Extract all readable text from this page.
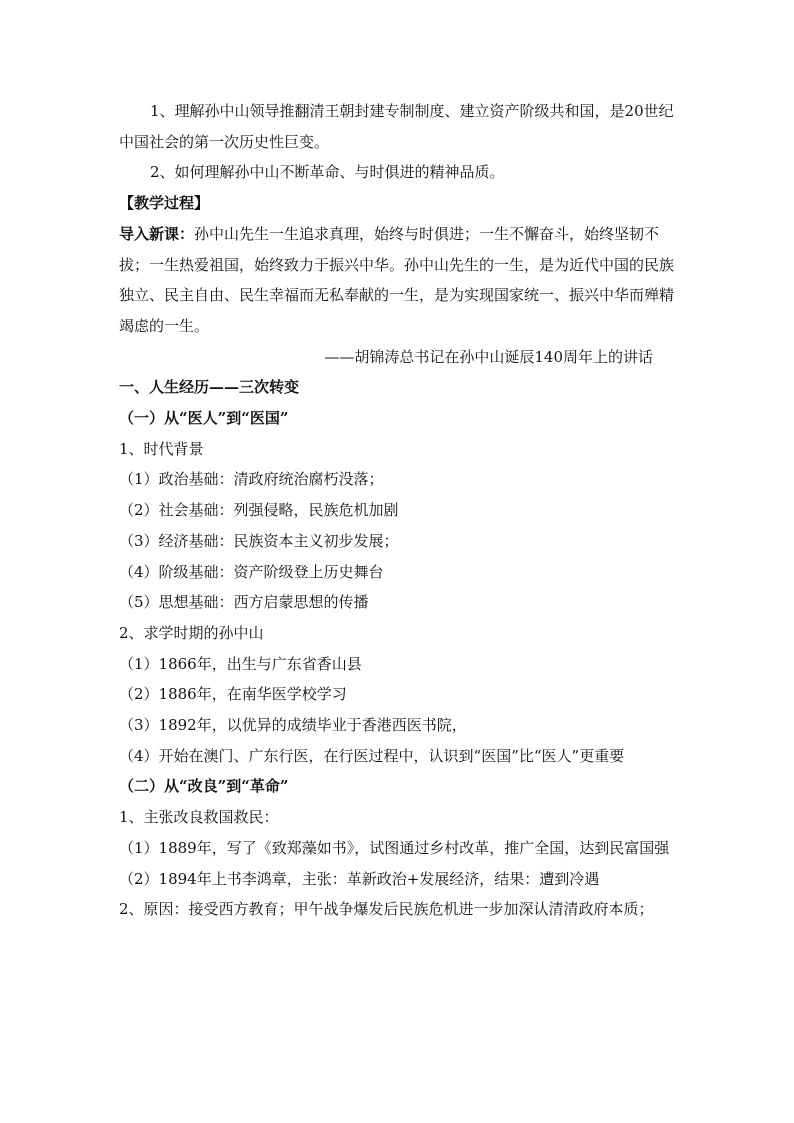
1、理解孙中山领导推翻清王朝封建专制制度、建立资产阶级共和国，是20世纪中国社会的第一次历史性巨变。

2、如何理解孙中山不断革命、与时俱进的精神品质。

【教学过程】

导入新课：孙中山先生一生追求真理，始终与时俱进；一生不懈奋斗，始终坚韧不拔；一生热爱祖国，始终致力于振兴中华。孙中山先生的一生，是为近代中国的民族独立、民主自由、民生幸福而无私奉献的一生，是为实现国家统一、振兴中华而殚精竭虑的一生。

——胡锦涛总书记在孙中山诞辰140周年上的讲话

一、人生经历——三次转变

（一）从“医人”到“医国”

1、时代背景

（1）政治基础：清政府统治腐朽没落；

（2）社会基础：列强侵略，民族危机加剧

（3）经济基础：民族资本主义初步发展；

（4）阶级基础：资产阶级登上历史舞台

（5）思想基础：西方启蒙思想的传播

2、求学时期的孙中山

（1）1866年，出生与广东省香山县

（2）1886年，在南华医学校学习

（3）1892年，以优异的成绩毕业于香港西医书院，

（4）开始在澳门、广东行医，在行医过程中，认识到“医国”比“医人”更重要

（二）从“改良”到“革命”

1、主张改良救国救民：

（1）1889年，写了《致郑藻如书》，试图通过乡村改革，推广全国，达到民富国强

（2）1894年上书李鸿章，主张：革新政治+发展经济，结果：遭到冷遇

2、原因：接受西方教育；甲午战争爆发后民族危机进一步加深认清清政府本质；
